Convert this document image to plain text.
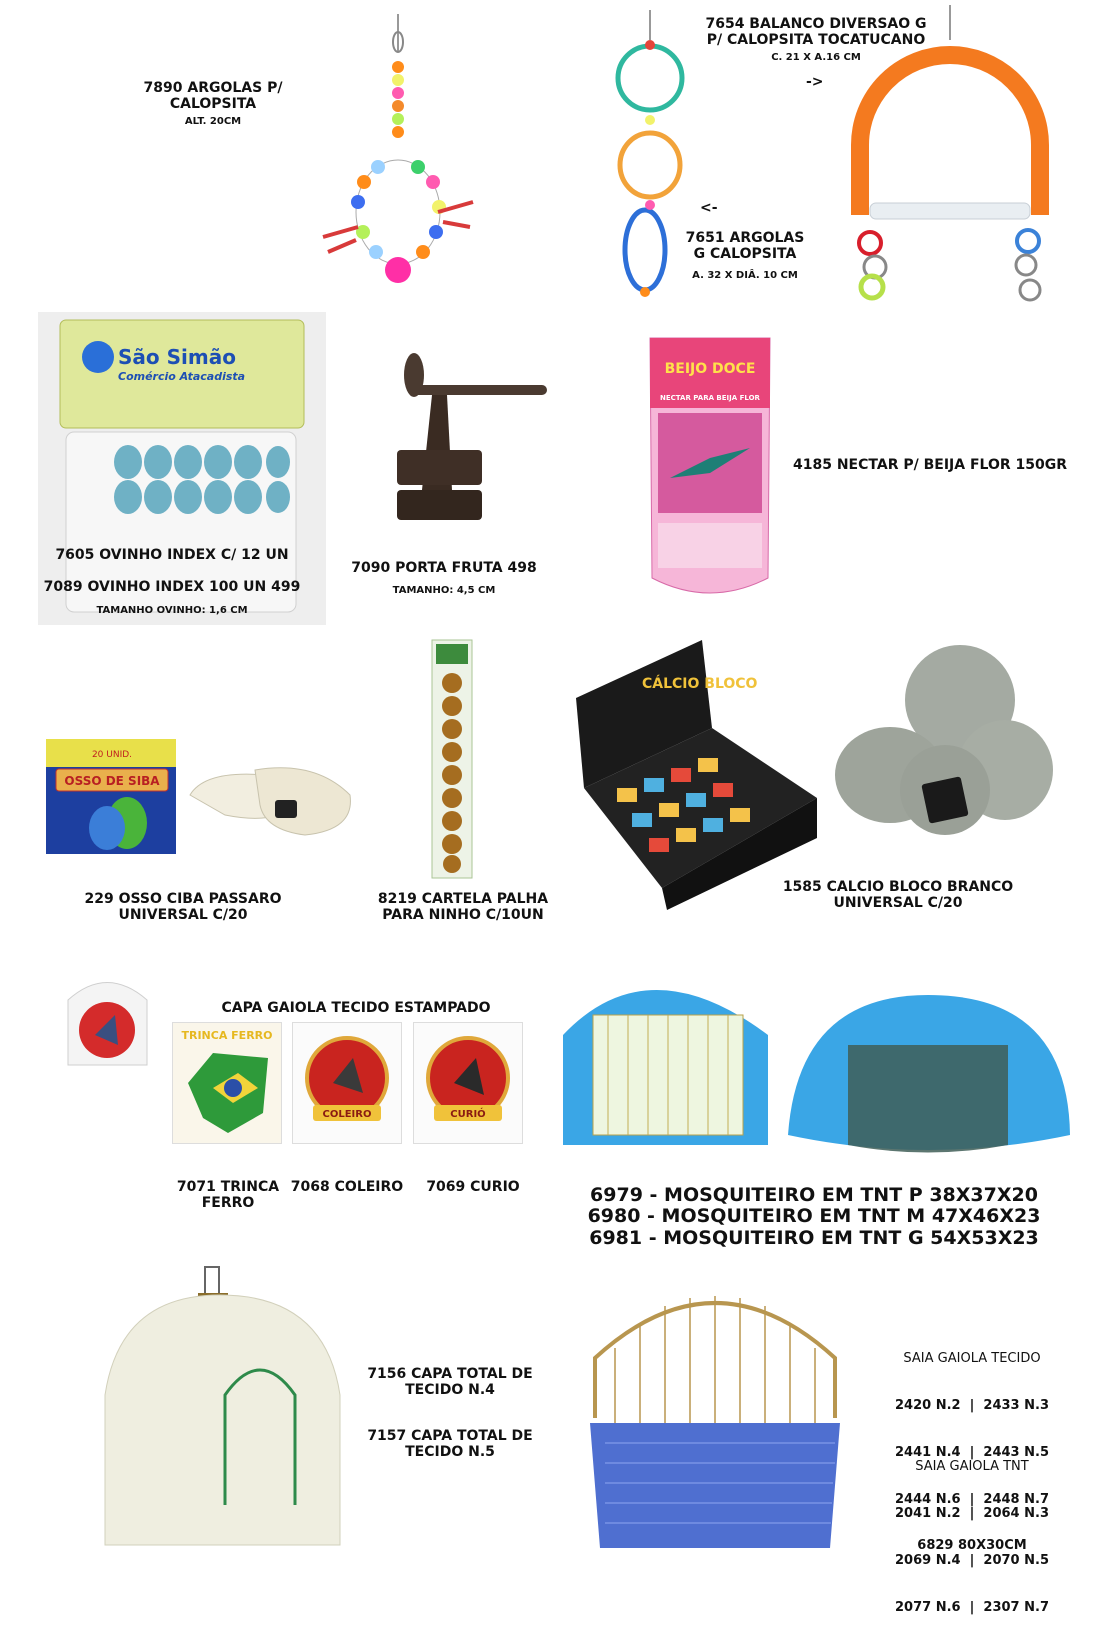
7890 ARGOLAS P/
CALOPSITA
ALT. 20CM
7654 BALANCO DIVERSAO G
P/ CALOPSITA TOCATUCANO
C. 21 X A.16 CM
->
<-
7651 ARGOLAS
G CALOPSITA
A. 32 X DIÂ. 10 CM
São Simão
Comércio Atacadista
7605 OVINHO INDEX C/ 12 UN
7089 OVINHO INDEX 100 UN 499
TAMANHO OVINHO: 1,6 CM
7090 PORTA FRUTA 498
TAMANHO: 4,5 CM
BEIJO DOCE
NECTAR PARA BEIJA FLOR
4185 NECTAR P/ BEIJA FLOR 150GR
20 UNID.
OSSO DE SIBA
229 OSSO CIBA PASSARO
UNIVERSAL C/20
8219 CARTELA PALHA
PARA NINHO C/10UN
CÁLCIO BLOCO
1585 CALCIO BLOCO BRANCO
UNIVERSAL C/20
CAPA GAIOLA TECIDO ESTAMPADO
TRINCA FERRO
COLEIRO	CURIÓ
7071 TRINCA
FERRO
7068 COLEIRO 7069 CURIO	6979 - MOSQUITEIRO EM TNT P 38X37X20
6980 - MOSQUITEIRO EM TNT M 47X46X23
6981 - MOSQUITEIRO EM TNT G 54X53X23
7156 CAPA TOTAL DE
TECIDO N.4
7157 CAPA TOTAL DE
TECIDO N.5

SAIA GAIOLA TECIDO

2420 N.2  |  2433 N.3

2441 N.4  |  2443 N.5

2444 N.6  |  2448 N.7

6829 80X30CM

SAIA GAIOLA TNT

2041 N.2  |  2064 N.3

2069 N.4  |  2070 N.5

2077 N.6  |  2307 N.7
